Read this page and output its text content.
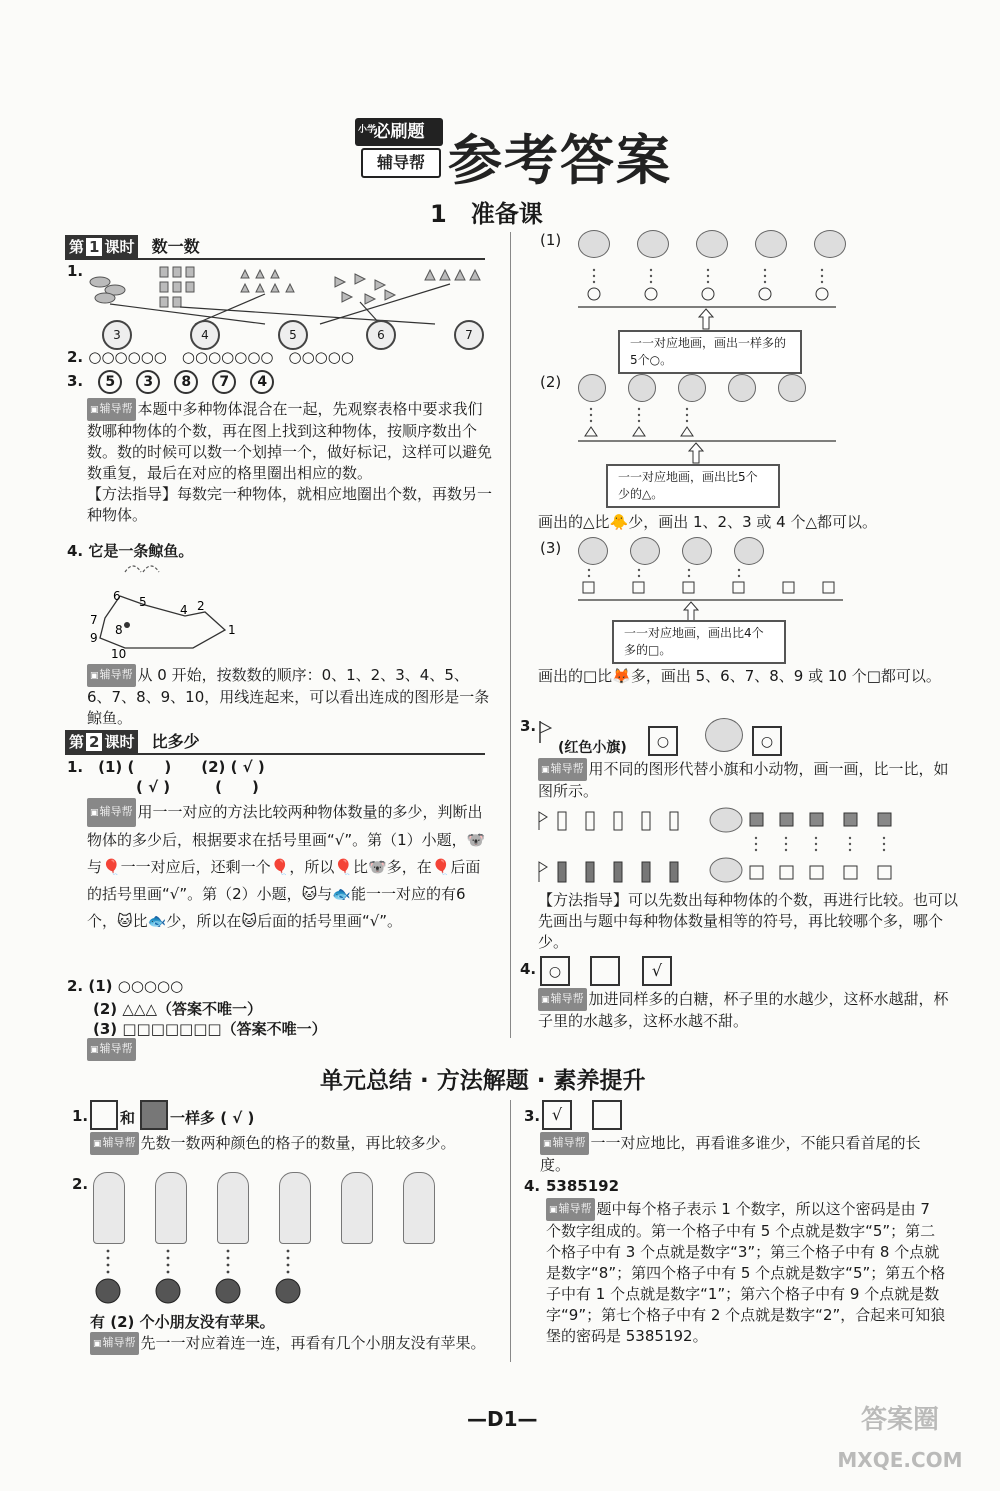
小学
必刷题
辅导帮 参考答案
1　准备课
第 1 课时 数一数
1.
3	4	5	6	7
2. ○○○○○○　○○○○○○○　○○○○○
3. 5 3 8 7 4
▣ 辅导帮 本题中多种物体混合在一起，先观察表格中要求我们数哪种物体的个数，再在图上找到这种物体，按顺序数出个数。数的时候可以数一个划掉一个，做好标记，这样可以避免数重复，最后在对应的格里圈出相应的数。
【方法指导】每数完一种物体，就相应地圈出个数，再数另一种物体。
4. 它是一条鲸鱼。
6 5
4 2
7
8	1
9
10
▣ 辅导帮 从 0 开始，按数数的顺序：0、1、2、3、4、5、6、7、8、9、10，用线连起来，可以看出连成的图形是一条鲸鱼。
第 2 课时 比多少
1.　(1) (　　)　　(2) ( √ )
( √ )　　　(　　)
▣ 辅导帮 用一一对应的方法比较两种物体数量的多少，判断出物体的多少后，根据要求在括号里画“√”。第（1）小题，🐨与🎈一一对应后，还剩一个🎈，所以🎈比🐨多，在🎈后面的括号里画“√”。第（2）小题，🐱与🐟能一一对应的有6个，🐱比🐟少，所以在🐱后面的括号里画“√”。
2. (1) ○○○○○
(2) △△△（答案不唯一）
(3) □□□□□□□（答案不唯一）
▣ 辅导帮
(1)
一一对应地画，画出一样多的5个○。
(2)
一一对应地画，画出比5个少的△。
画出的△比🐥少，画出 1、2、3 或 4 个△都可以。
(3)
一一对应地画，画出比4个多的□。
画出的□比🦊多，画出 5、6、7、8、9 或 10 个□都可以。
3.
(红色小旗)	○	○
▣ 辅导帮 用不同的图形代替小旗和小动物，画一画，比一比，如图所示。
【方法指导】可以先数出每种物体的个数，再进行比较。也可以先画出与题中每种物体数量相等的符号，再比较哪个多，哪个少。
4. ○	√
▣ 辅导帮 加进同样多的白糖，杯子里的水越少，这杯水越甜，杯子里的水越多，这杯水越不甜。
单元总结 · 方法解题 · 素养提升
1. 和 一样多 ( √ )
▣ 辅导帮 先数一数两种颜色的格子的数量，再比较多少。
2.
有 (2) 个小朋友没有苹果。
▣ 辅导帮 先一一对应着连一连，再看有几个小朋友没有苹果。
3. √
▣ 辅导帮 一一对应地比，再看谁多谁少，不能只看首尾的长度。
4. 5385192
▣ 辅导帮 题中每个格子表示 1 个数字，所以这个密码是由 7 个数字组成的。第一个格子中有 5 个点就是数字“5”；第二个格子中有 3 个点就是数字“3”；第三个格子中有 8 个点就是数字“8”；第四个格子中有 5 个点就是数字“5”；第五个格子中有 1 个点就是数字“1”；第六个格子中有 9 个点就是数字“9”；第七个格子中有 2 个点就是数字“2”，合起来可知狼堡的密码是 5385192。
—D1—	答案圈
MXQE.COM
